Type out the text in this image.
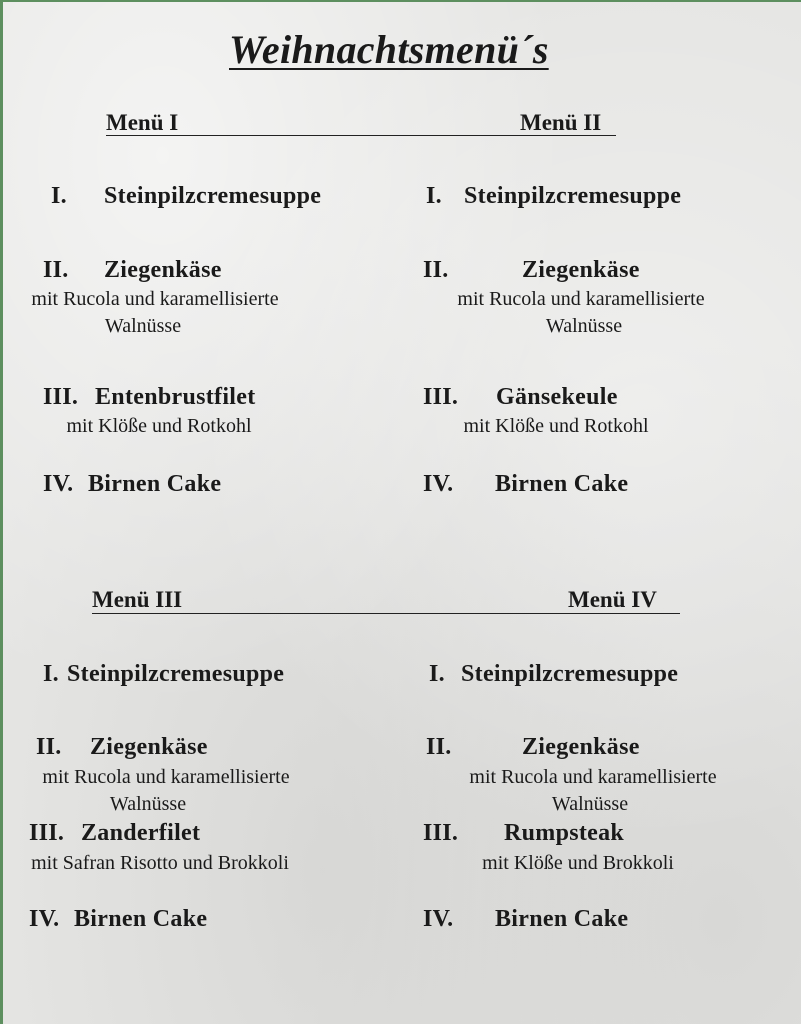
Weihnachtsmenü´s
Menü I	Menü II
I. Steinpilzcremesuppe
II. Ziegenkäse
mit Rucola und karamellisierte
Walnüsse
III. Entenbrustfilet
mit Klöße und Rotkohl
IV. Birnen Cake
I. Steinpilzcremesuppe
II.	Ziegenkäse
mit Rucola und karamellisierte
Walnüsse
III. Gänsekeule
mit Klöße und Rotkohl
IV. Birnen Cake
Menü III	Menü IV
I. Steinpilzcremesuppe
II. Ziegenkäse
mit Rucola und karamellisierte
Walnüsse
III. Zanderfilet
mit Safran Risotto und Brokkoli
IV. Birnen Cake
I. Steinpilzcremesuppe
II.	Ziegenkäse
mit Rucola und karamellisierte
Walnüsse
III. Rumpsteak
mit Klöße und Brokkoli
IV. Birnen Cake
